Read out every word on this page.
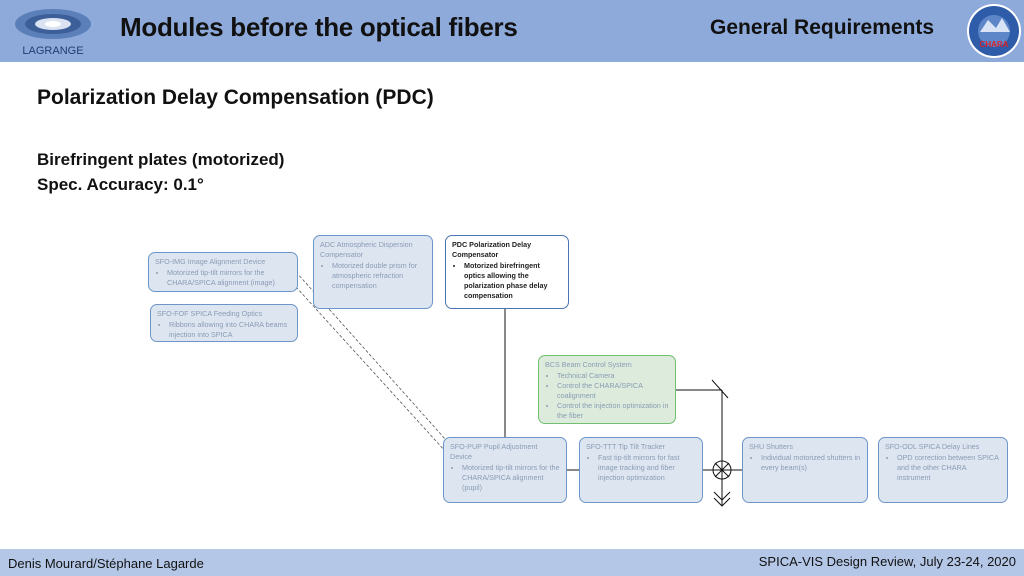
LAGRANGE
CHARA
Modules before the optical fibers	General Requirements
Polarization Delay Compensation (PDC)
Birefringent plates (motorized)
Spec. Accuracy: 0.1°
SFO-IMG Image Alignment Device
• Motorized tip-tilt mirrors for the CHARA/SPICA alignment (image)
ADC Atmospheric Dispersion Compensator
• Motorized double prism for atmospheric refraction compensation
PDC Polarization Delay Compensator
• Motorized birefringent optics allowing the polarization phase delay compensation
SFO-FOF SPICA Feeding Optics
• Ribbons allowing into CHARA beams injection into SPICA
BCS Beam Control System
• Technical Camera
• Control the CHARA/SPICA coalignment
• Control the injection optimization in the fiber
SFO-PUP Pupil Adjustment Device
• Motorized tip-tilt mirrors for the CHARA/SPICA alignment (pupil)
SFO-TTT Tip Tilt Tracker
• Fast tip-tilt mirrors for fast image tracking and fiber injection optimization
SHU Shutters
• Individual motorized shutters in every beam(s)
SFO-ODL SPICA Delay Lines
• OPD correction between SPICA and the other CHARA instrument
Denis Mourard/Stéphane Lagarde	SPICA-VIS Design Review, July 23-24, 2020
